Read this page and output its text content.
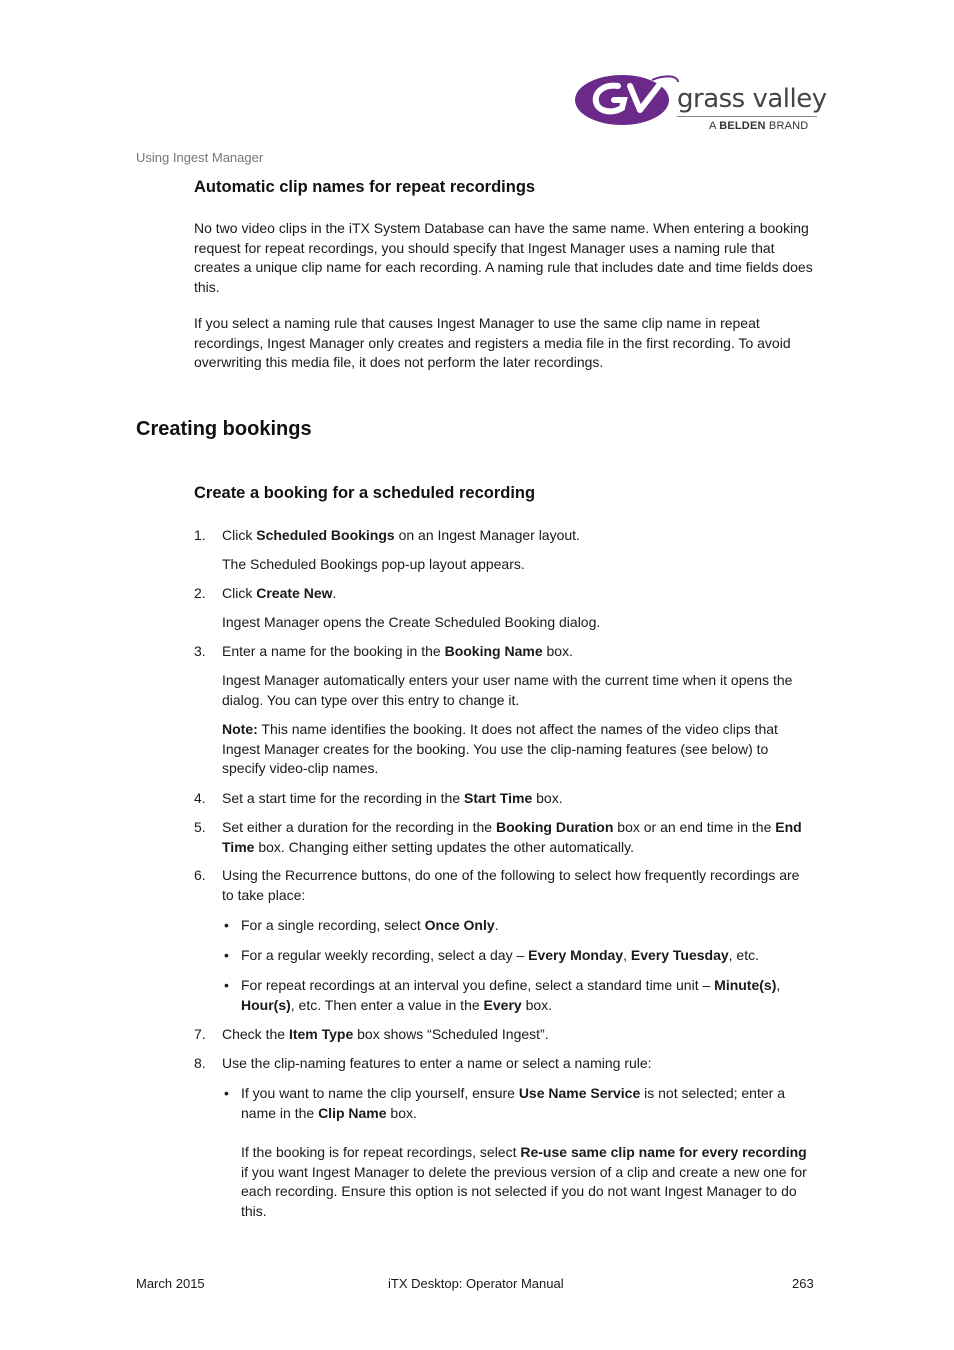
grass valley
A BELDEN BRAND
Using Ingest Manager
Automatic clip names for repeat recordings
No two video clips in the iTX System Database can have the same name. When entering a booking request for repeat recordings, you should specify that Ingest Manager uses a naming rule that creates a unique clip name for each recording. A naming rule that includes date and time fields does this.
If you select a naming rule that causes Ingest Manager to use the same clip name in repeat recordings, Ingest Manager only creates and registers a media file in the first recording. To avoid overwriting this media file, it does not perform the later recordings.
Creating bookings
Create a booking for a scheduled recording
1. Click Scheduled Bookings on an Ingest Manager layout.
The Scheduled Bookings pop-up layout appears.
2. Click Create New.
Ingest Manager opens the Create Scheduled Booking dialog.
3. Enter a name for the booking in the Booking Name box.
Ingest Manager automatically enters your user name with the current time when it opens the dialog. You can type over this entry to change it.
Note: This name identifies the booking. It does not affect the names of the video clips that Ingest Manager creates for the booking. You use the clip-naming features (see below) to specify video-clip names.
4. Set a start time for the recording in the Start Time box.
5. Set either a duration for the recording in the Booking Duration box or an end time in the End Time box. Changing either setting updates the other automatically.
6. Using the Recurrence buttons, do one of the following to select how frequently recordings are to take place:
• For a single recording, select Once Only.
• For a regular weekly recording, select a day – Every Monday, Every Tuesday, etc.
• For repeat recordings at an interval you define, select a standard time unit – Minute(s), Hour(s), etc. Then enter a value in the Every box.
7. Check the Item Type box shows “Scheduled Ingest”.
8. Use the clip-naming features to enter a name or select a naming rule:
• If you want to name the clip yourself, ensure Use Name Service is not selected; enter a name in the Clip Name box.
If the booking is for repeat recordings, select Re-use same clip name for every recording if you want Ingest Manager to delete the previous version of a clip and create a new one for each recording. Ensure this option is not selected if you do not want Ingest Manager to do this.
March 2015	iTX Desktop: Operator Manual	263
